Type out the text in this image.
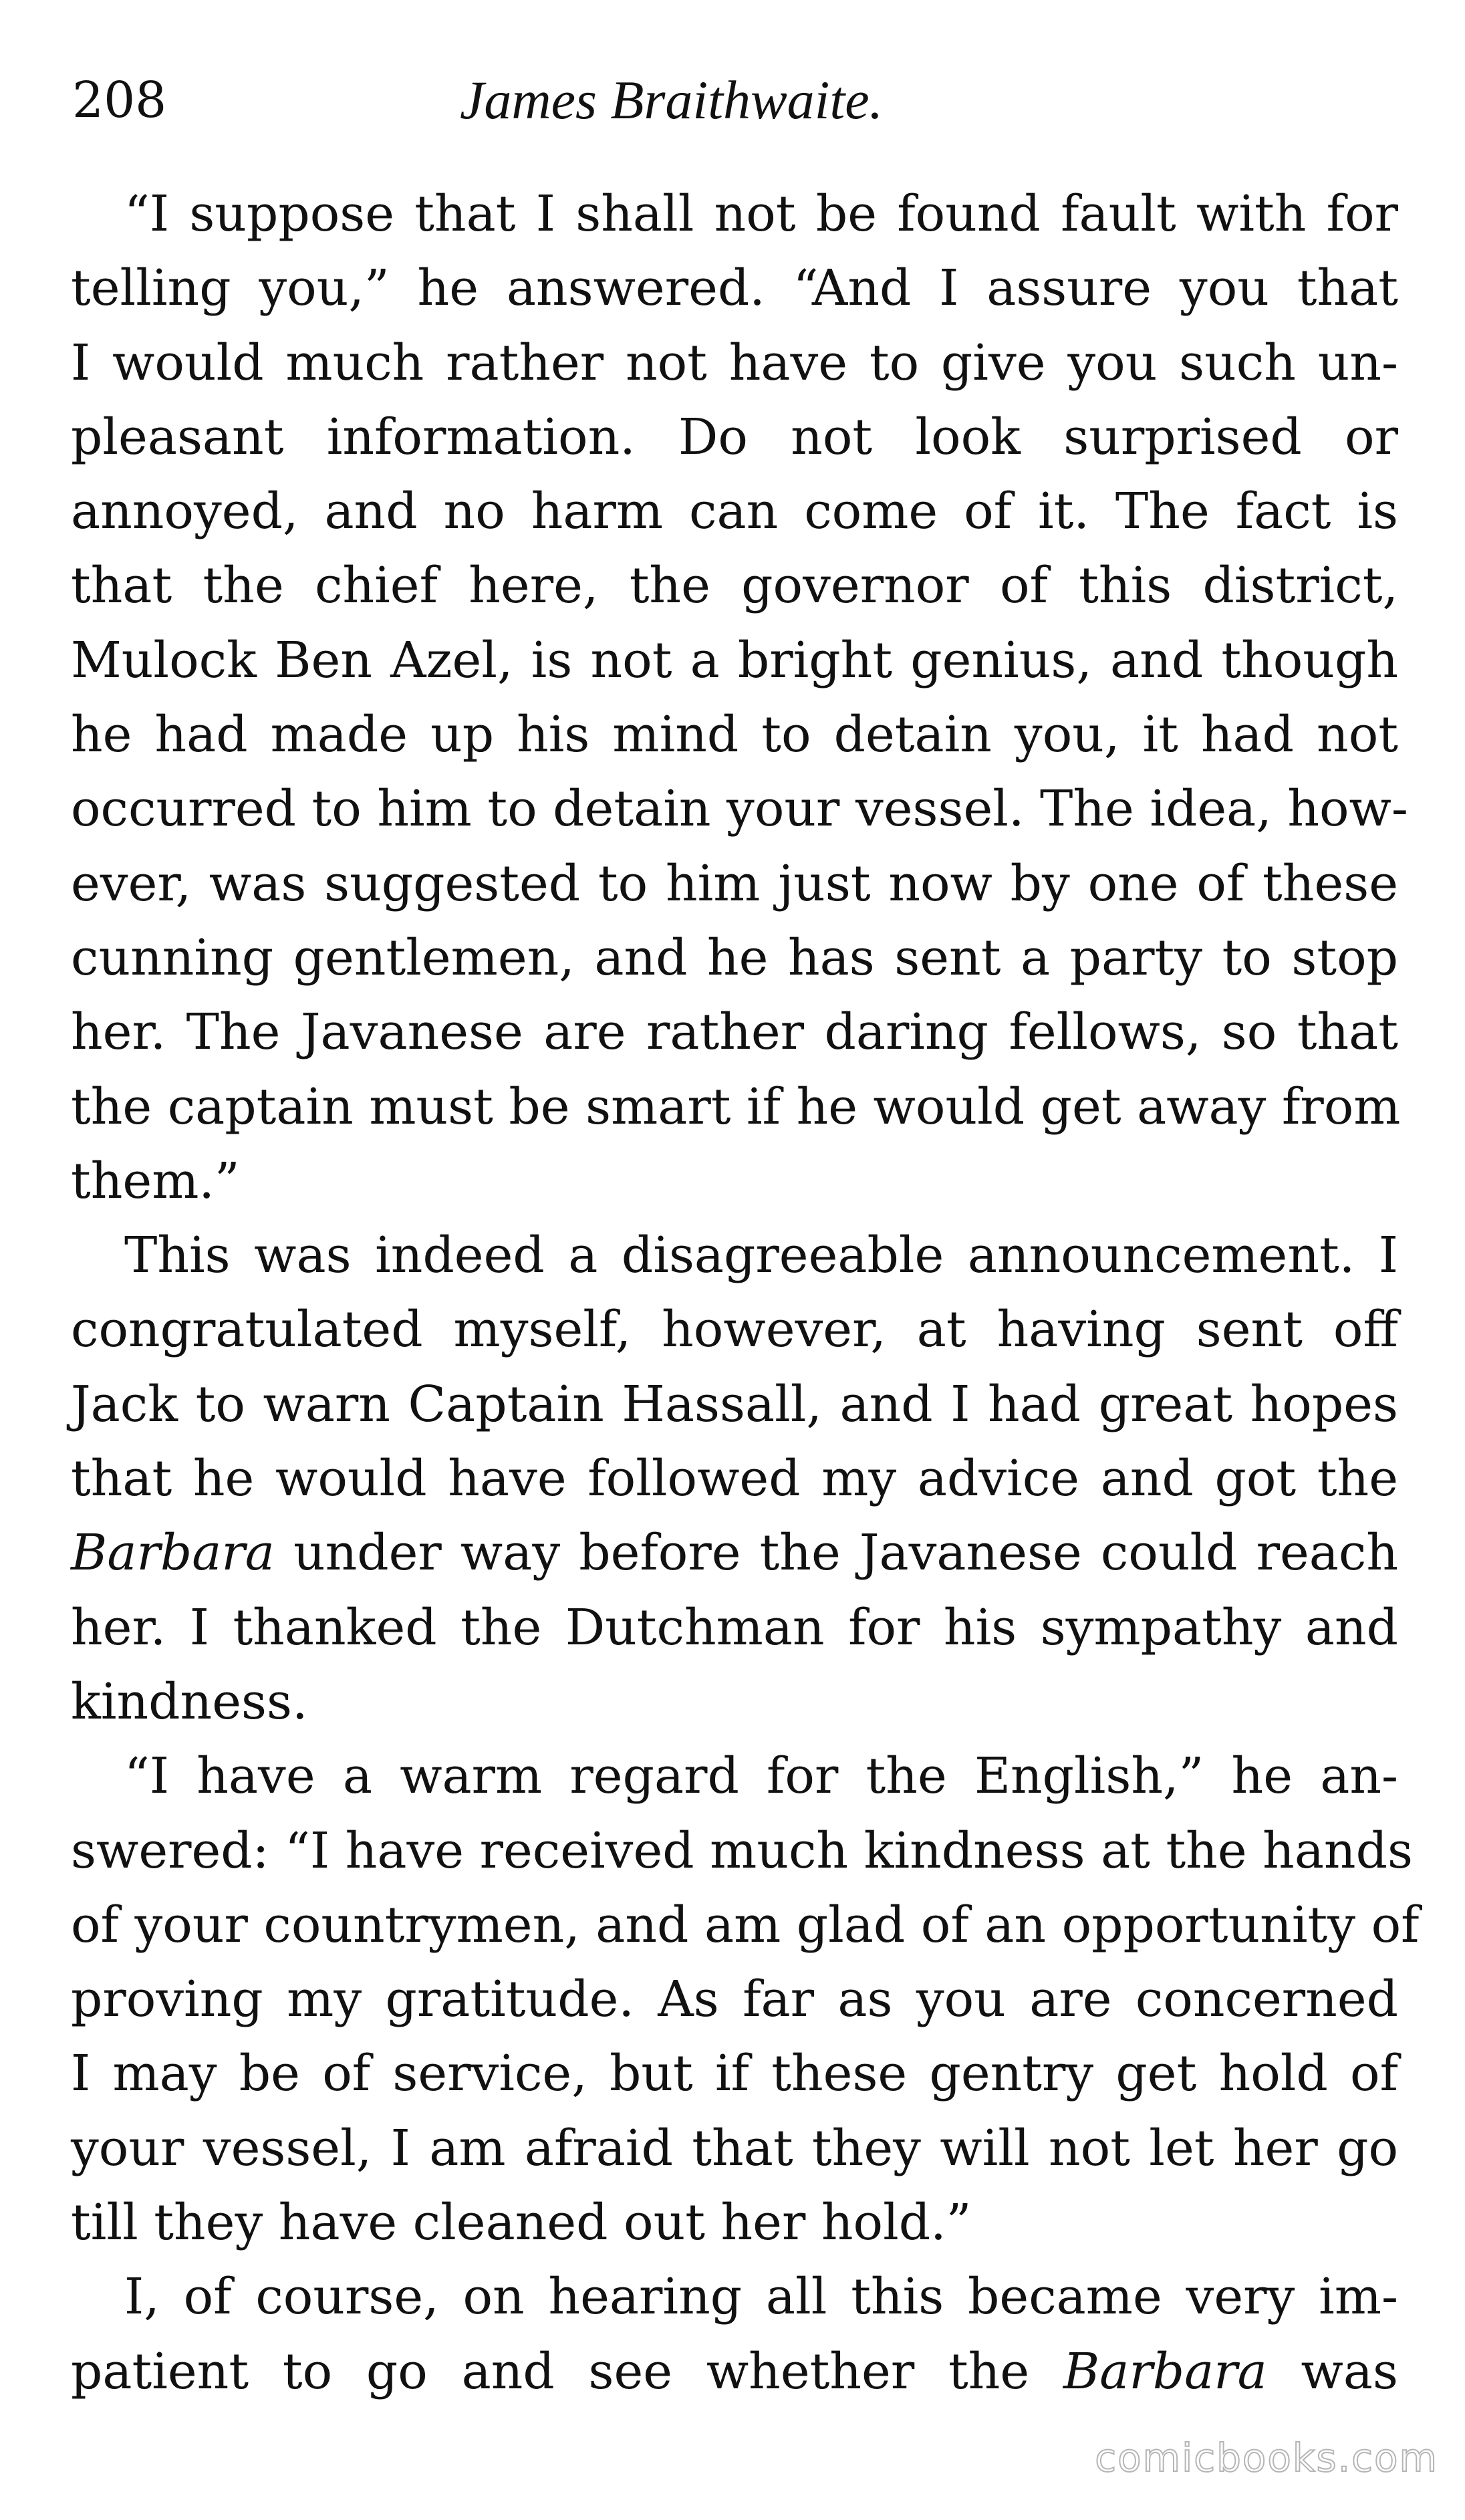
208	James Braithwaite.
“I suppose that I shall not be found fault with for
telling you,” he answered. “And I assure you that
I would much rather not have to give you such un-
pleasant information. Do not look surprised or
annoyed, and no harm can come of it. The fact is
that the chief here, the governor of this district,
Mulock Ben Azel, is not a bright genius, and though
he had made up his mind to detain you, it had not
occurred to him to detain your vessel. The idea, how-
ever, was suggested to him just now by one of these
cunning gentlemen, and he has sent a party to stop
her. The Javanese are rather daring fellows, so that
the captain must be smart if he would get away from
them.”
This was indeed a disagreeable announcement. I
congratulated myself, however, at having sent off
Jack to warn Captain Hassall, and I had great hopes
that he would have followed my advice and got the
Barbara under way before the Javanese could reach
her. I thanked the Dutchman for his sympathy and
kindness.
“I have a warm regard for the English,” he an-
swered: “I have received much kindness at the hands
of your countrymen, and am glad of an opportunity of
proving my gratitude. As far as you are concerned
I may be of service, but if these gentry get hold of
your vessel, I am afraid that they will not let her go
till they have cleaned out her hold.”
I, of course, on hearing all this became very im-
patient to go and see whether the Barbara was
comicbooks.com
